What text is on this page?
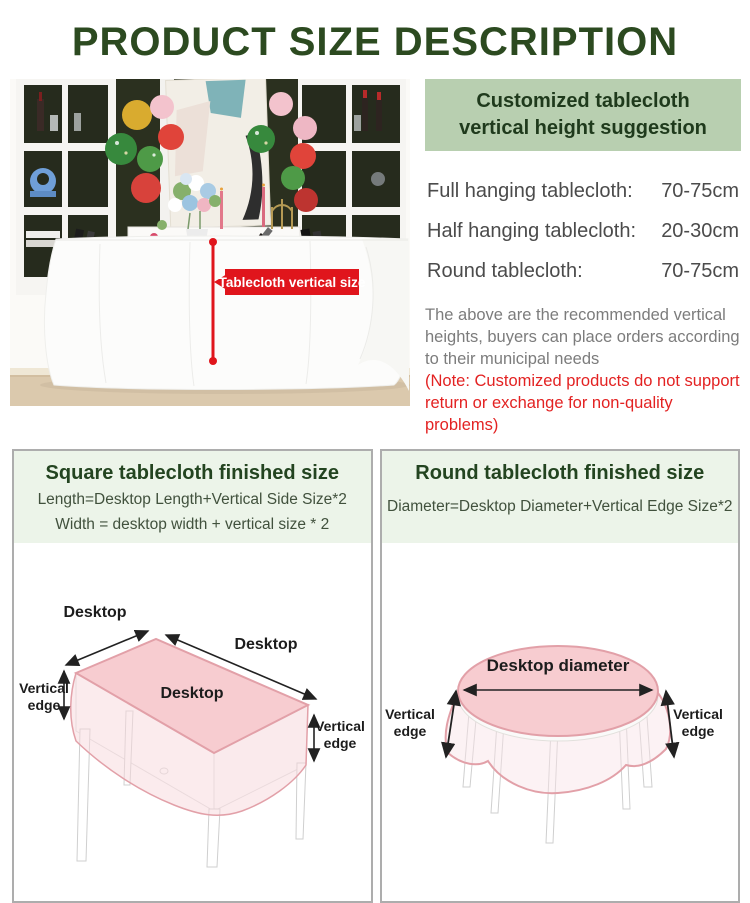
PRODUCT SIZE DESCRIPTION
Tablecloth vertical size
Customized tablecloth vertical height suggestion
Full hanging tablecloth: 70-75cm
Half hanging tablecloth: 20-30cm
Round tablecloth:	70-75cm
The above are the recommended vertical heights, buyers can place orders according to their municipal needs
(Note: Customized products do not support return or exchange for non-quality problems)
Square tablecloth finished size
Length=Desktop Length+Vertical Side Size*2
Width = desktop width + vertical size * 2
Desktop
Desktop
Desktop
Vertical
edge
Vertical
edge
Round tablecloth finished size
Diameter=Desktop Diameter+Vertical Edge Size*2
Desktop diameter
Vertical
edge
Vertical
edge
